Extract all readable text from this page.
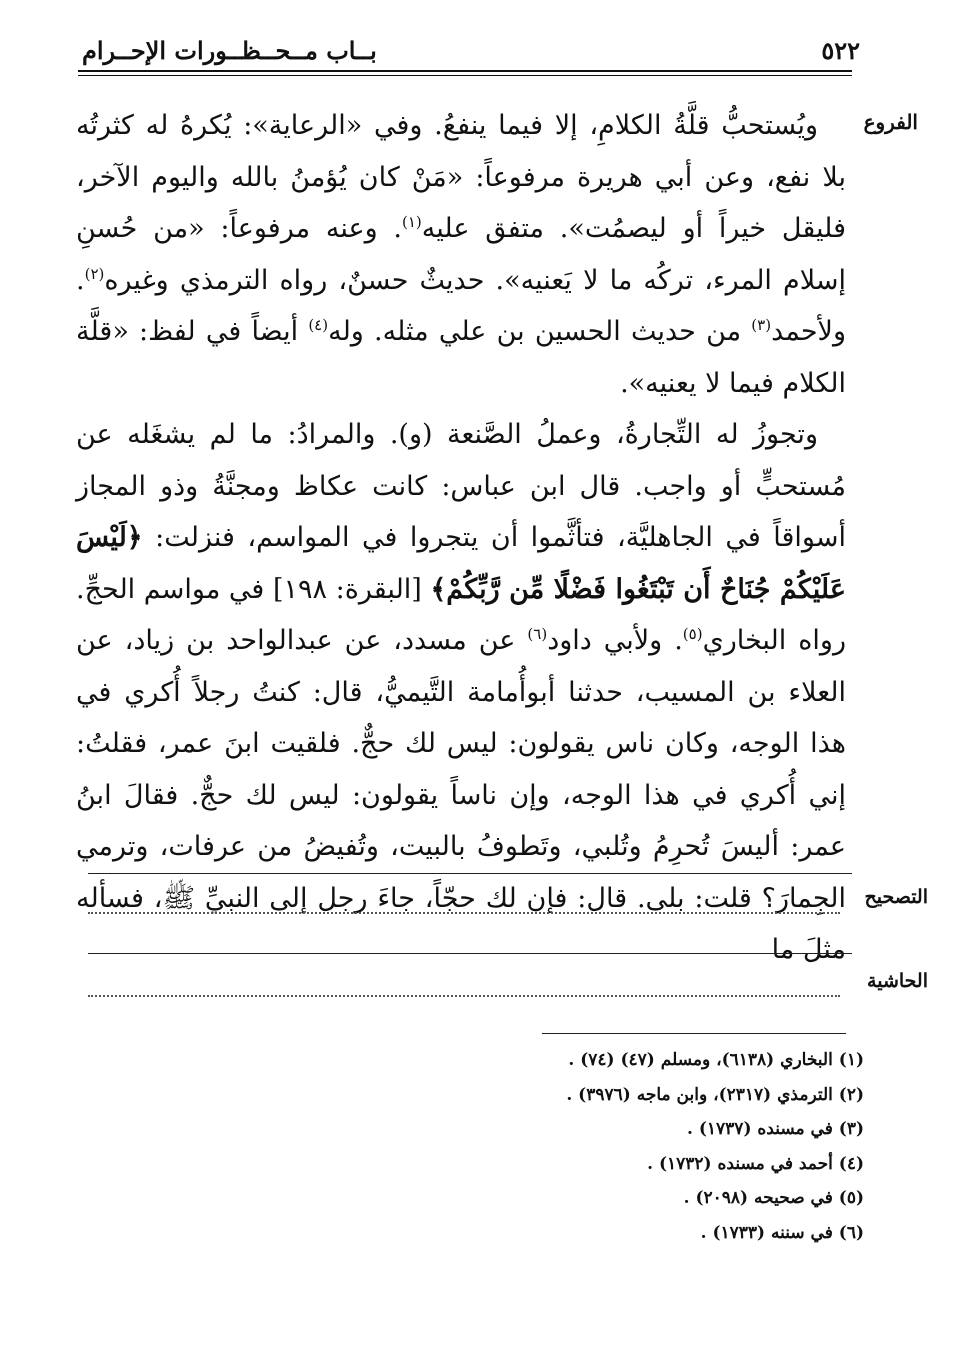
٥٢٢
بــاب مــحــظــورات الإحــرام
الفروع

ويُستحبُّ قلَّةُ الكلامِ، إلا فيما ينفعُ. وفي «الرعاية»: يُكرهُ له كثرتُه بلا نفع، وعن أبي هريرة مرفوعاً: «مَنْ كان يُؤمنُ بالله واليوم الآخر، فليقل خيراً أو ليصمُت». متفق عليه$^{(١)}$. وعنه مرفوعاً: «من حُسنِ إسلام المرء، تركُه ما لا يَعنيه». حديثٌ حسنٌ، رواه الترمذي وغيره$^{(٢)}$. ولأحمد$^{(٣)}$ من حديث الحسين بن علي مثله. وله$^{(٤)}$ أيضاً في لفظ: «قلَّة الكلام فيما لا يعنيه».

وتجوزُ له التِّجارةُ، وعملُ الصَّنعة (و). والمرادُ: ما لم يشغَله عن مُستحبٍّ أو واجب. قال ابن عباس: كانت عكاظ ومجنَّةُ وذو المجاز أسواقاً في الجاهليَّة، فتأثَّموا أن يتجروا في المواسم، فنزلت: ﴿لَيْسَ عَلَيْكُمْ جُنَاحٌ أَن تَبْتَغُوا فَضْلًا مِّن رَّبِّكُمْ﴾ [البقرة: ١٩٨] في مواسم الحجِّ. رواه البخاري$^{(٥)}$. ولأبي داود$^{(٦)}$ عن مسدد، عن عبدالواحد بن زياد، عن العلاء بن المسيب، حدثنا أبوأُمامة التَّيميُّ، قال: كنتُ رجلاً أُكري في هذا الوجه، وكان ناس يقولون: ليس لك حجٌّ. فلقيت ابنَ عمر، فقلتُ: إني أُكري في هذا الوجه، وإن ناساً يقولون: ليس لك حجٌّ. فقالَ ابنُ عمر: أليسَ تُحرِمُ وتُلبي، وتَطوفُ بالبيت، وتُفيضُ من عرفات، وترمي الجِمارَ؟ قلت: بلى. قال: فإن لك حجّاً، جاءَ رجل إلى النبيِّ ﷺ، فسأله مثلَ ما

التصحيح
الحاشية
(١) البخاري (٦١٣٨)، ومسلم (٤٧) (٧٤) .
(٢) الترمذي (٢٣١٧)، وابن ماجه (٣٩٧٦) .
(٣) في مسنده (١٧٣٧) .
(٤) أحمد في مسنده (١٧٣٢) .
(٥) في صحيحه (٢٠٩٨) .
(٦) في سننه (١٧٣٣) .
